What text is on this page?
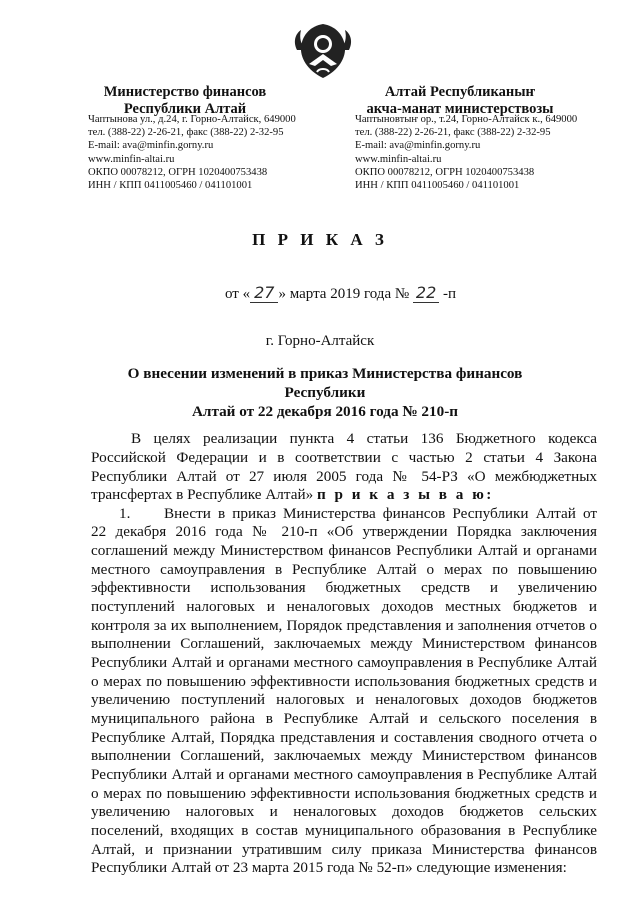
Министерство финансов
Республики Алтай
Чаптынова ул., д.24, г. Горно-Алтайск, 649000
тел. (388-22) 2-26-21, факс (388-22) 2-32-95
E-mail: ava@minfin.gorny.ru
www.minfin-altai.ru
ОКПО 00078212, ОГРН 1020400753438
ИНН / КПП 0411005460 / 041101001
Алтай Республиканыҥ
акча-манат министерствозы
Чаптыновтыҥ ор., т.24, Горно-Алтайск к., 649000
тел. (388-22) 2-26-21, факс (388-22) 2-32-95
E-mail: ava@minfin.gorny.ru
www.minfin-altai.ru
ОКПО 00078212, ОГРН 1020400753438
ИНН / КПП 0411005460 / 041101001
П Р И К А З
от « 27 » марта 2019 года № 22 -п
г. Горно-Алтайск
О внесении изменений в приказ Министерства финансов Республики
Алтай от 22 декабря 2016 года № 210-п
В целях реализации пункта 4 статьи 136 Бюджетного кодекса
Российской Федерации и в соответствии с частью 2 статьи 4 Закона
Республики Алтай от 27 июля 2005 года № 54-РЗ «О межбюджетных
трансфертах в Республике Алтай» п р и к а з ы в а ю:
1.	Внести в приказ Министерства финансов Республики Алтай от
22 декабря 2016 года № 210-п «Об утверждении Порядка заключения
соглашений между Министерством финансов Республики Алтай и органами
местного самоуправления в Республике Алтай о мерах по повышению
эффективности использования бюджетных средств и увеличению
поступлений налоговых и неналоговых доходов местных бюджетов и
контроля за их выполнением, Порядок представления и заполнения отчетов о
выполнении Соглашений, заключаемых между Министерством финансов
Республики Алтай и органами местного самоуправления в Республике Алтай
о мерах по повышению эффективности использования бюджетных средств и
увеличению поступлений налоговых и неналоговых доходов бюджетов
муниципального района в Республике Алтай и сельского поселения в
Республике Алтай, Порядка представления и составления сводного отчета о
выполнении Соглашений, заключаемых между Министерством финансов
Республики Алтай и органами местного самоуправления в Республике Алтай
о мерах по повышению эффективности использования бюджетных средств и
увеличению налоговых и неналоговых доходов бюджетов сельских
поселений, входящих в состав муниципального образования в Республике
Алтай, и признании утратившим силу приказа Министерства финансов
Республики Алтай от 23 марта 2015 года № 52-п» следующие изменения:
